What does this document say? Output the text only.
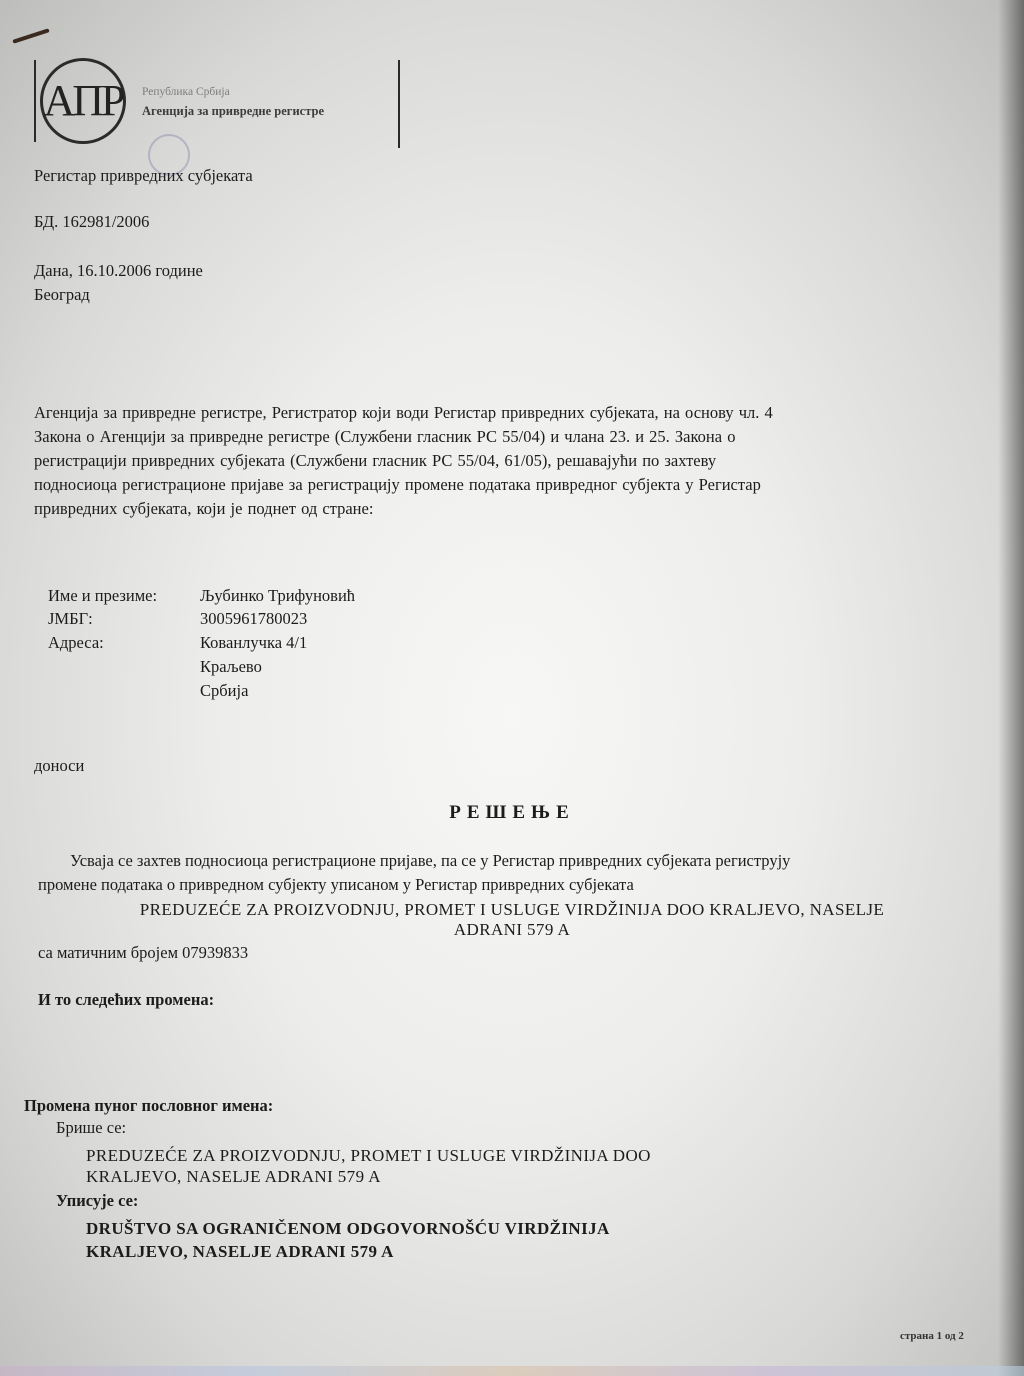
АПР Република Србија
Агенција за привредне регистре
Регистар привредних субјеката
БД. 162981/2006
Дана, 16.10.2006 године
Београд
Агенција за привредне регистре, Регистратор који води Регистар привредних субјеката, на основу чл. 4
Закона о Агенцији за привредне регистре (Службени гласник РС 55/04) и члана 23. и 25. Закона о
регистрацији привредних субјеката (Службени гласник РС 55/04, 61/05), решавајући по захтеву
подносиоца регистрационе пријаве за регистрацију промене података привредног субјекта у Регистар
привредних субјеката, који је поднет од стране:
Име и презиме:	Љубинко Трифуновић
ЈМБГ:	3005961780023
Адреса:	Кованлучка 4/1
Краљево
Србија
доноси
РЕШЕЊЕ
Усваја се захтев подносиоца регистрационе пријаве, па се у Регистар привредних субјеката региструју
промене података о привредном субјекту уписаном у Регистар привредних субјеката
PREDUZEĆE ZA PROIZVODNJU, PROMET I USLUGE VIRDŽINIJA DOO KRALJEVO, NASELJE
ADRANI 579 A
са матичним бројем 07939833
И то следећих промена:
Промена пуног пословног имена:
Брише се:
PREDUZEĆE ZA PROIZVODNJU, PROMET I USLUGE VIRDŽINIJA DOO
KRALJEVO, NASELJE ADRANI 579 A
Уписује се:
DRUŠTVO SA OGRANIČENOM ODGOVORNOŠĆU VIRDŽINIJA
KRALJEVO, NASELJE ADRANI 579 A
страна 1 од 2
